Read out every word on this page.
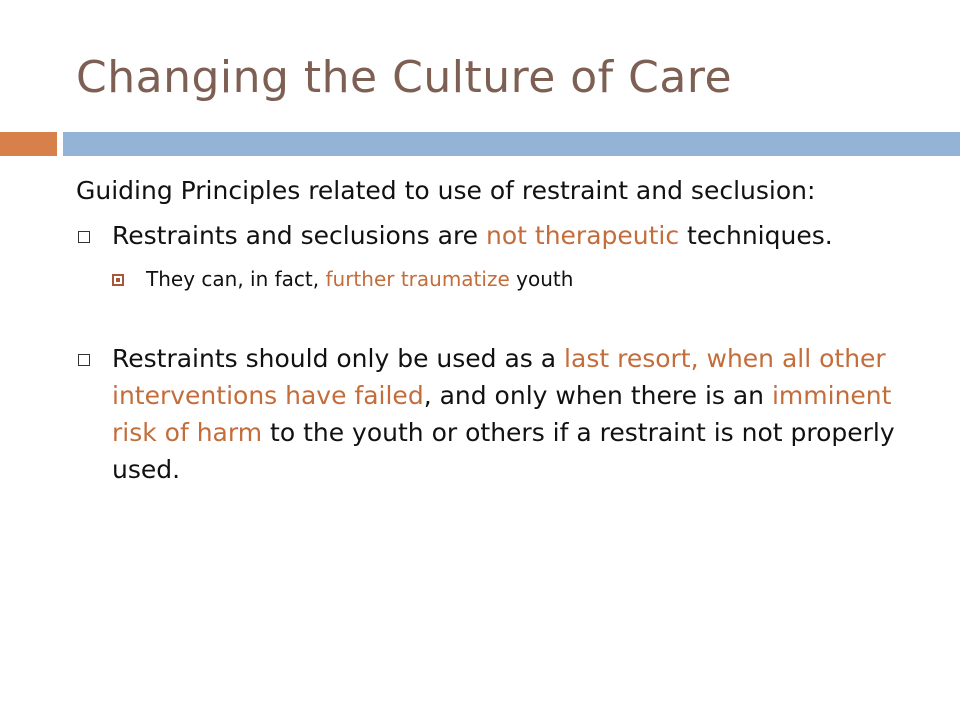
Changing the Culture of Care

Guiding Principles related to use of restraint and seclusion:

Restraints and seclusions are not therapeutic techniques.
They can, in fact, further traumatize youth
Restraints should only be used as a last resort, when all other interventions have failed, and only when there is an imminent risk of harm to the youth or others if a restraint is not properly used.
